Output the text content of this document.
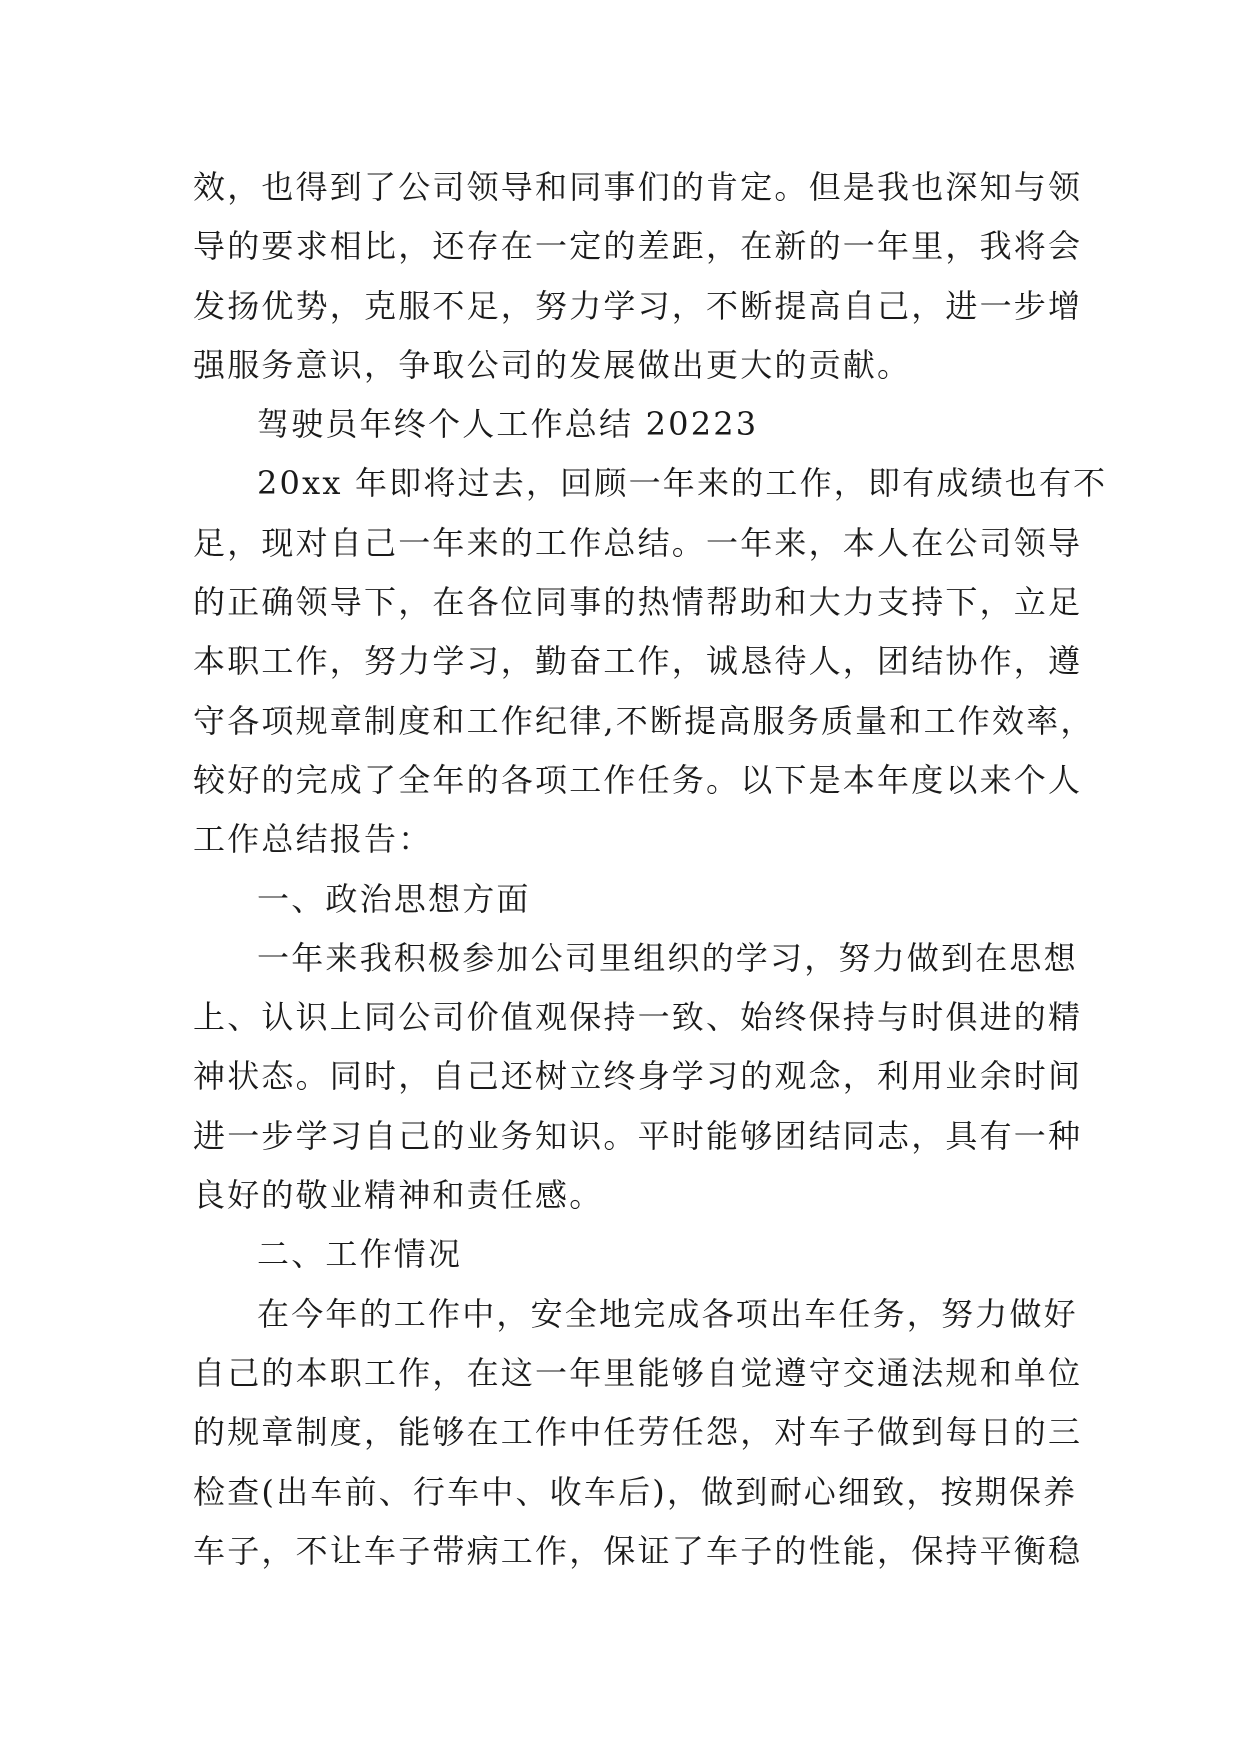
效，也得到了公司领导和同事们的肯定。但是我也深知与领
导的要求相比，还存在一定的差距，在新的一年里，我将会
发扬优势，克服不足，努力学习，不断提高自己，进一步增
强服务意识，争取公司的发展做出更大的贡献。
驾驶员年终个人工作总结 20223
20xx 年即将过去，回顾一年来的工作，即有成绩也有不
足，现对自己一年来的工作总结。一年来，本人在公司领导
的正确领导下，在各位同事的热情帮助和大力支持下，立足
本职工作，努力学习，勤奋工作，诚恳待人，团结协作，遵
守各项规章制度和工作纪律,不断提高服务质量和工作效率，
较好的完成了全年的各项工作任务。以下是本年度以来个人
工作总结报告：
一、政治思想方面
一年来我积极参加公司里组织的学习，努力做到在思想
上、认识上同公司价值观保持一致、始终保持与时俱进的精
神状态。同时，自己还树立终身学习的观念，利用业余时间
进一步学习自己的业务知识。平时能够团结同志，具有一种
良好的敬业精神和责任感。
二、工作情况
在今年的工作中，安全地完成各项出车任务，努力做好
自己的本职工作，在这一年里能够自觉遵守交通法规和单位
的规章制度，能够在工作中任劳任怨，对车子做到每日的三
检查(出车前、行车中、收车后)，做到耐心细致，按期保养
车子，不让车子带病工作，保证了车子的性能，保持平衡稳
